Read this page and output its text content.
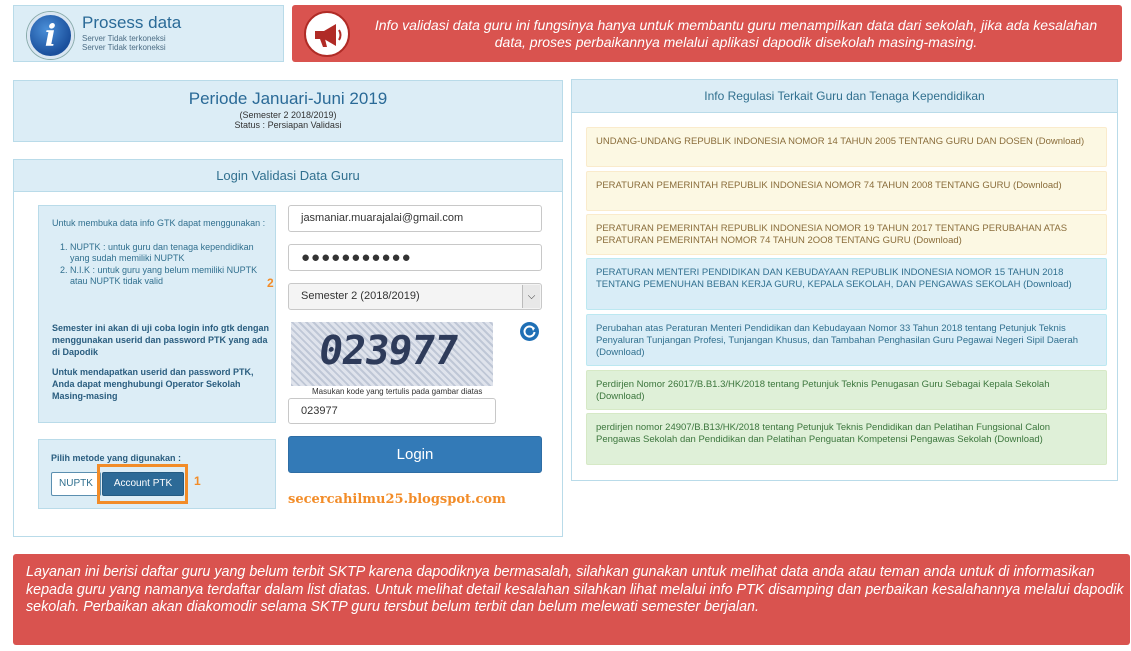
i	Prosess data
Server Tidak terkoneksi
Server Tidak terkoneksi
Info validasi data guru ini fungsinya hanya untuk membantu guru menampilkan data dari sekolah, jika ada kesalahan data, proses perbaikannya melalui aplikasi dapodik disekolah masing-masing.
Periode Januari-Juni 2019
(Semester 2 2018/2019)
Status : Persiapan Validasi
Login Validasi Data Guru
Untuk membuka data info GTK dapat menggunakan :
1. NUPTK : untuk guru dan tenaga kependidikan yang sudah memiliki NUPTK
2. N.I.K : untuk guru yang belum memiliki NUPTK atau NUPTK tidak valid
Semester ini akan di uji coba login info gtk dengan menggunakan userid dan password PTK yang ada di Dapodik
Untuk mendapatkan userid dan password PTK, Anda dapat menghubungi Operator Sekolah Masing-masing
Pilih metode yang digunakan :
NUPTK	Account PTK	1
2
jasmaniar.muarajalai@gmail.com
●●●●●●●●●●●
Semester 2 (2018/2019)	⌵
023977
Masukan kode yang tertulis pada gambar diatas
023977
Login
secercahilmu25.blogspot.com
Info Regulasi Terkait Guru dan Tenaga Kependidikan
UNDANG-UNDANG REPUBLIK INDONESIA NOMOR 14 TAHUN 2005 TENTANG GURU DAN DOSEN (Download)
PERATURAN PEMERINTAH REPUBLIK INDONESIA NOMOR 74 TAHUN 2008 TENTANG GURU (Download)
PERATURAN PEMERINTAH REPUBLIK INDONESIA NOMOR 19 TAHUN 2017 TENTANG PERUBAHAN ATAS PERATURAN PEMERINTAH NOMOR 74 TAHUN 2OO8 TENTANG GURU (Download)
PERATURAN MENTERI PENDIDIKAN DAN KEBUDAYAAN REPUBLIK INDONESIA NOMOR 15 TAHUN 2018 TENTANG PEMENUHAN BEBAN KERJA GURU, KEPALA SEKOLAH, DAN PENGAWAS SEKOLAH (Download)
Perubahan atas Peraturan Menteri Pendidikan dan Kebudayaan Nomor 33 Tahun 2018 tentang Petunjuk Teknis Penyaluran Tunjangan Profesi, Tunjangan Khusus, dan Tambahan Penghasilan Guru Pegawai Negeri Sipil Daerah (Download)
Perdirjen Nomor 26017/B.B1.3/HK/2018 tentang Petunjuk Teknis Penugasan Guru Sebagai Kepala Sekolah (Download)
perdirjen nomor 24907/B.B13/HK/2018 tentang Petunjuk Teknis Pendidikan dan Pelatihan Fungsional Calon Pengawas Sekolah dan Pendidikan dan Pelatihan Penguatan Kompetensi Pengawas Sekolah (Download)
Layanan ini berisi daftar guru yang belum terbit SKTP karena dapodiknya bermasalah, silahkan gunakan untuk melihat data anda atau teman anda untuk di informasikan kepada guru yang namanya terdaftar dalam list diatas. Untuk melihat detail kesalahan silahkan lihat melalui info PTK disamping dan perbaikan kesalahannya melalui dapodik sekolah. Perbaikan akan diakomodir selama SKTP guru tersbut belum terbit dan belum melewati semester berjalan.
